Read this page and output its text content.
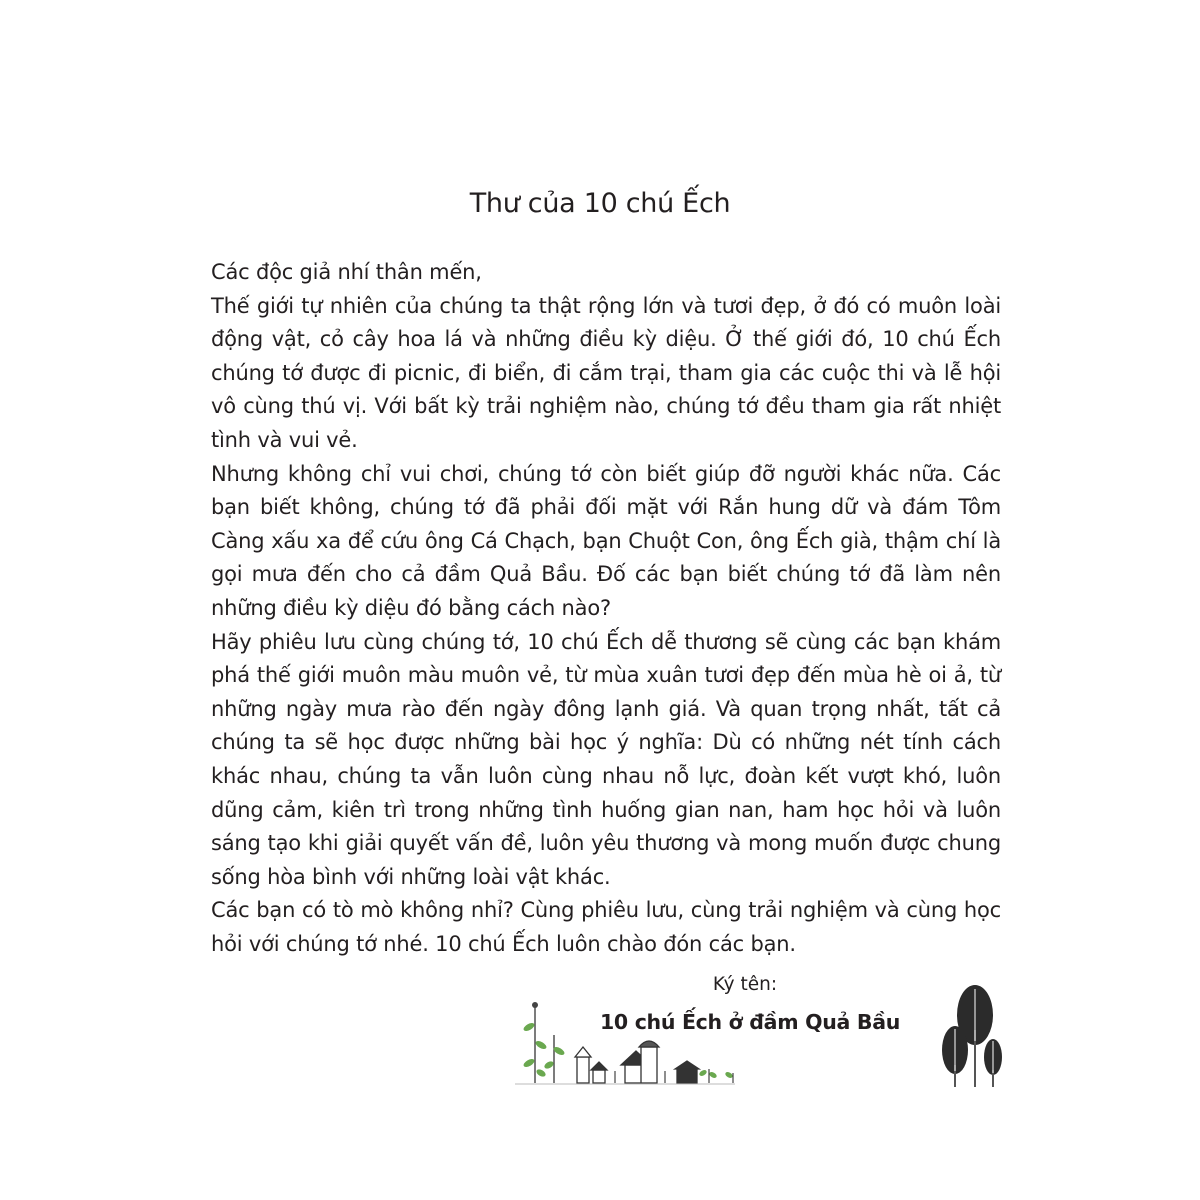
Thư của 10 chú Ếch

Các độc giả nhí thân mến,

Thế giới tự nhiên của chúng ta thật rộng lớn và tươi đẹp, ở đó có muôn loài động vật, cỏ cây hoa lá và những điều kỳ diệu. Ở thế giới đó, 10 chú Ếch chúng tớ được đi picnic, đi biển, đi cắm trại, tham gia các cuộc thi và lễ hội vô cùng thú vị. Với bất kỳ trải nghiệm nào, chúng tớ đều tham gia rất nhiệt tình và vui vẻ.

Nhưng không chỉ vui chơi, chúng tớ còn biết giúp đỡ người khác nữa. Các bạn biết không, chúng tớ đã phải đối mặt với Rắn hung dữ và đám Tôm Càng xấu xa để cứu ông Cá Chạch, bạn Chuột Con, ông Ếch già, thậm chí là gọi mưa đến cho cả đầm Quả Bầu. Đố các bạn biết chúng tớ đã làm nên những điều kỳ diệu đó bằng cách nào?

Hãy phiêu lưu cùng chúng tớ, 10 chú Ếch dễ thương sẽ cùng các bạn khám phá thế giới muôn màu muôn vẻ, từ mùa xuân tươi đẹp đến mùa hè oi ả, từ những ngày mưa rào đến ngày đông lạnh giá. Và quan trọng nhất, tất cả chúng ta sẽ học được những bài học ý nghĩa: Dù có những nét tính cách khác nhau, chúng ta vẫn luôn cùng nhau nỗ lực, đoàn kết vượt khó, luôn dũng cảm, kiên trì trong những tình huống gian nan, ham học hỏi và luôn sáng tạo khi giải quyết vấn đề, luôn yêu thương và mong muốn được chung sống hòa bình với những loài vật khác.

Các bạn có tò mò không nhỉ? Cùng phiêu lưu, cùng trải nghiệm và cùng học hỏi với chúng tớ nhé. 10 chú Ếch luôn chào đón các bạn.

Ký tên:
10 chú Ếch ở đầm Quả Bầu
